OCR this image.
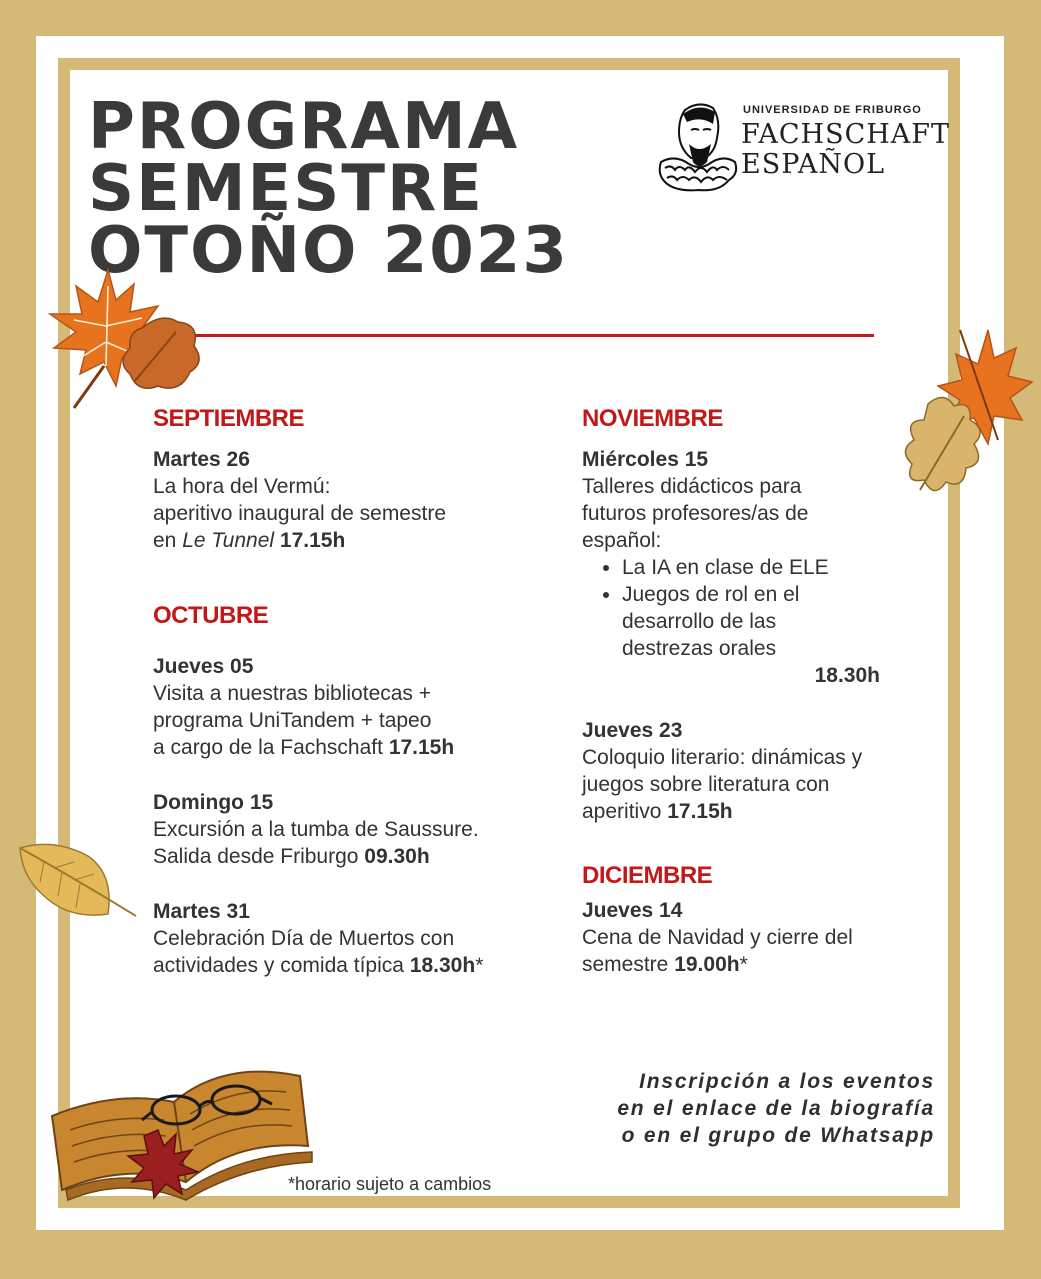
PROGRAMA
SEMESTRE
OTOÑO 2023
UNIVERSIDAD DE FRIBURGO
FACHSCHAFT
ESPAÑOL
SEPTIEMBRE

Martes 26

La hora del Vermú:

aperitivo inaugural de semestre

en Le Tunnel 17.15h

OCTUBRE

Jueves 05

Visita a nuestras bibliotecas +

programa UniTandem + tapeo

a cargo de la Fachschaft 17.15h

Domingo 15

Excursión a la tumba de Saussure.

Salida desde Friburgo 09.30h

Martes 31

Celebración Día de Muertos con

actividades y comida típica 18.30h*

NOVIEMBRE

Miércoles 15

Talleres didácticos para

futuros profesores/as de

español:

• La IA en clase de ELE
• Juegos de rol en el desarrollo de las destrezas orales

18.30h

Jueves 23

Coloquio literario: dinámicas y

juegos sobre literatura con

aperitivo 17.15h

DICIEMBRE

Jueves 14

Cena de Navidad y cierre del

semestre 19.00h*

Inscripción a los eventos
en el enlace de la biografía
o en el grupo de Whatsapp
*horario sujeto a cambios
